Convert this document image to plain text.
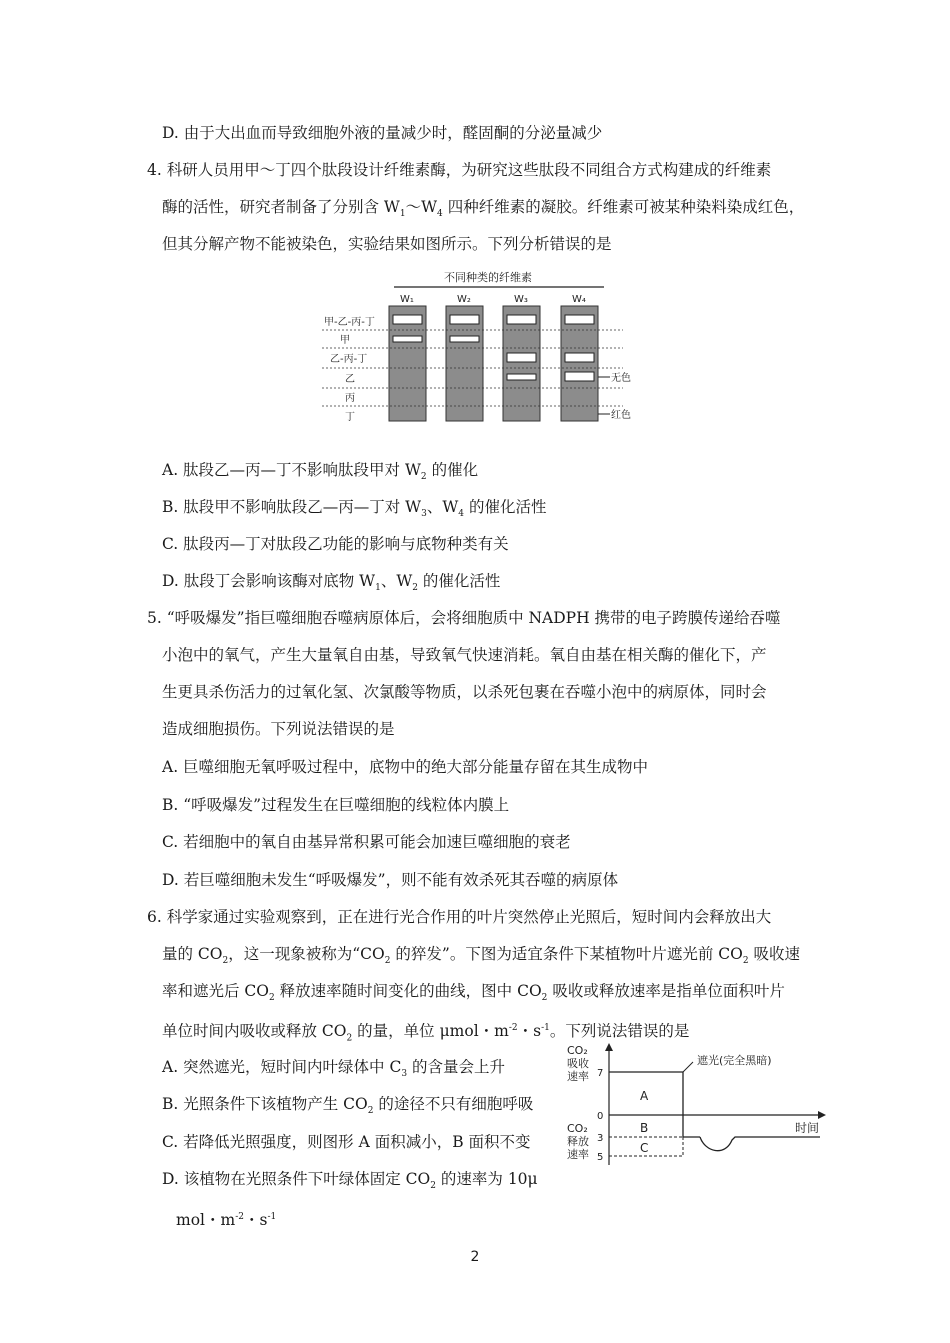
D. 由于大出血而导致细胞外液的量减少时，醛固酮的分泌量减少
4. 科研人员用甲～丁四个肽段设计纤维素酶，为研究这些肽段不同组合方式构建成的纤维素
酶的活性，研究者制备了分别含 $W_1\sim W_4$ 四种纤维素的凝胶。纤维素可被某种染料染成红色，
但其分解产物不能被染色，实验结果如图所示。下列分析错误的是
不同种类的纤维素
W₁	W₂	W₃	W₄
甲-乙-丙-丁
甲
乙-丙-丁
乙
丙
丁
无色
红色
A. 肽段乙—丙—丁不影响肽段甲对 $W_2$ 的催化
B. 肽段甲不影响肽段乙—丙—丁对 $W_3$、$W_4$ 的催化活性
C. 肽段丙—丁对肽段乙功能的影响与底物种类有关
D. 肽段丁会影响该酶对底物 $W_1$、$W_2$ 的催化活性
5. “呼吸爆发”指巨噬细胞吞噬病原体后，会将细胞质中 NADPH 携带的电子跨膜传递给吞噬
小泡中的氧气，产生大量氧自由基，导致氧气快速消耗。氧自由基在相关酶的催化下，产
生更具杀伤活力的过氧化氢、次氯酸等物质，以杀死包裹在吞噬小泡中的病原体，同时会
造成细胞损伤。下列说法错误的是
A. 巨噬细胞无氧呼吸过程中，底物中的绝大部分能量存留在其生成物中
B. “呼吸爆发”过程发生在巨噬细胞的线粒体内膜上
C. 若细胞中的氧自由基异常积累可能会加速巨噬细胞的衰老
D. 若巨噬细胞未发生“呼吸爆发”，则不能有效杀死其吞噬的病原体
6. 科学家通过实验观察到，正在进行光合作用的叶片突然停止光照后，短时间内会释放出大
量的 $CO_2$，这一现象被称为“$CO_2$ 的猝发”。下图为适宜条件下某植物叶片遮光前 $CO_2$ 吸收速
率和遮光后 $CO_2$ 释放速率随时间变化的曲线，图中 $CO_2$ 吸收或释放速率是指单位面积叶片
单位时间内吸收或释放 $CO_2$ 的量，单位 μmol・$m^{-2}$・$s^{-1}$。下列说法错误的是
A. 突然遮光，短时间内叶绿体中 $C_3$ 的含量会上升
B. 光照条件下该植物产生 $CO_2$ 的途径不只有细胞呼吸
C. 若降低光照强度，则图形 A 面积减小，B 面积不变
D. 该植物在光照条件下叶绿体固定 $CO_2$ 的速率为 10μ
mol・$m^{-2}$・$s^{-1}$
CO₂
吸收
速率
CO₂
释放
速率
时间
7
0
3
5
遮光(完全黑暗)
A
B
C
2
